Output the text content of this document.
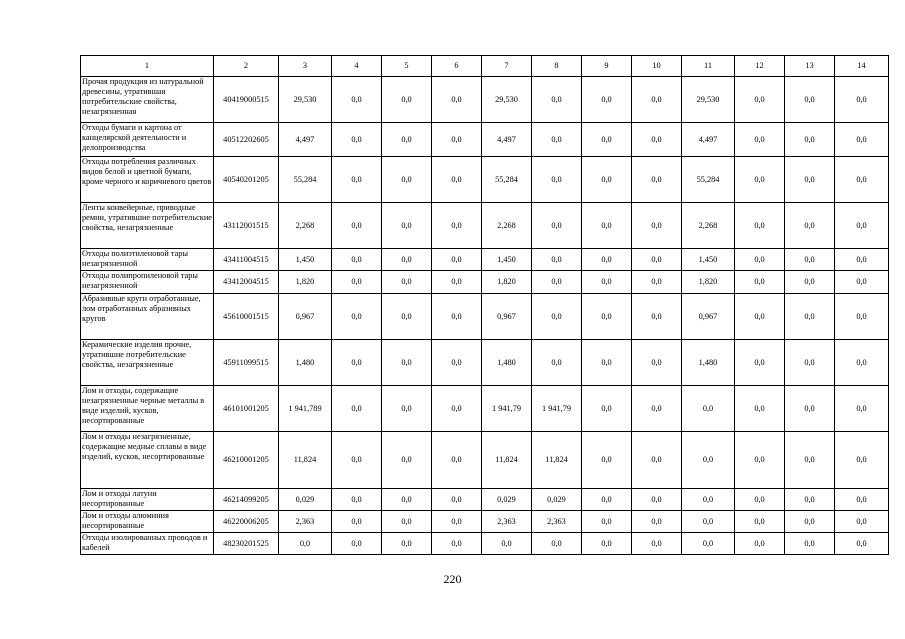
1	2	3	4	5	6	7	8	9	10	11	12	13	14
Прочая продукция из натуральной древесины, утратившая потребительские свойства, незагрязненная	40419000515	29,530	0,0	0,0	0,0	29,530	0,0	0,0	0,0	29,530	0,0	0,0	0,0
Отходы бумаги и картона от канцелярской деятельности и делопроизводства	40512202605	4,497	0,0	0,0	0,0	4,497	0,0	0,0	0,0	4,497	0,0	0,0	0,0
Отходы потребления различных видов белой и цветной бумаги, кроме черного и коричневого цветов	40540201205	55,284	0,0	0,0	0,0	55,284	0,0	0,0	0,0	55,284	0,0	0,0	0,0
Ленты конвейерные, приводные ремни, утратившие потребительские свойства, незагрязненные	43112001515	2,268	0,0	0,0	0,0	2,268	0,0	0,0	0,0	2,268	0,0	0,0	0,0
Отходы полиэтиленовой тары незагрязненной	43411004515	1,450	0,0	0,0	0,0	1,450	0,0	0,0	0,0	1,450	0,0	0,0	0,0
Отходы полипропиленовой тары незагрязненной	43412004515	1,820	0,0	0,0	0,0	1,820	0,0	0,0	0,0	1,820	0,0	0,0	0,0
Абразивные круги отработанные, лом отработанных абразивных кругов	45610001515	0,967	0,0	0,0	0,0	0,967	0,0	0,0	0,0	0,967	0,0	0,0	0,0
Керамические изделия прочие, утратившие потребительские свойства, незагрязненные	45911099515	1,480	0,0	0,0	0,0	1,480	0,0	0,0	0,0	1,480	0,0	0,0	0,0
Лом и отходы, содержащие незагрязненные черные металлы в виде изделий, кусков, несортированные	46101001205	1 941,789	0,0	0,0	0,0	1 941,79	1 941,79	0,0	0,0	0,0	0,0	0,0	0,0
Лом и отходы незагрязненные, содержащие медные сплавы в виде изделий, кусков, несортированные	46210001205	11,824	0,0	0,0	0,0	11,824	11,824	0,0	0,0	0,0	0,0	0,0	0,0
Лом и отходы латуни несортированные	46214099205	0,029	0,0	0,0	0,0	0,029	0,029	0,0	0,0	0,0	0,0	0,0	0,0
Лом и отходы алюминия несортированные	46220006205	2,363	0,0	0,0	0,0	2,363	2,363	0,0	0,0	0,0	0,0	0,0	0,0
Отходы изолированных проводов и кабелей	48230201525	0,0	0,0	0,0	0,0	0,0	0,0	0,0	0,0	0,0	0,0	0,0	0,0
220
